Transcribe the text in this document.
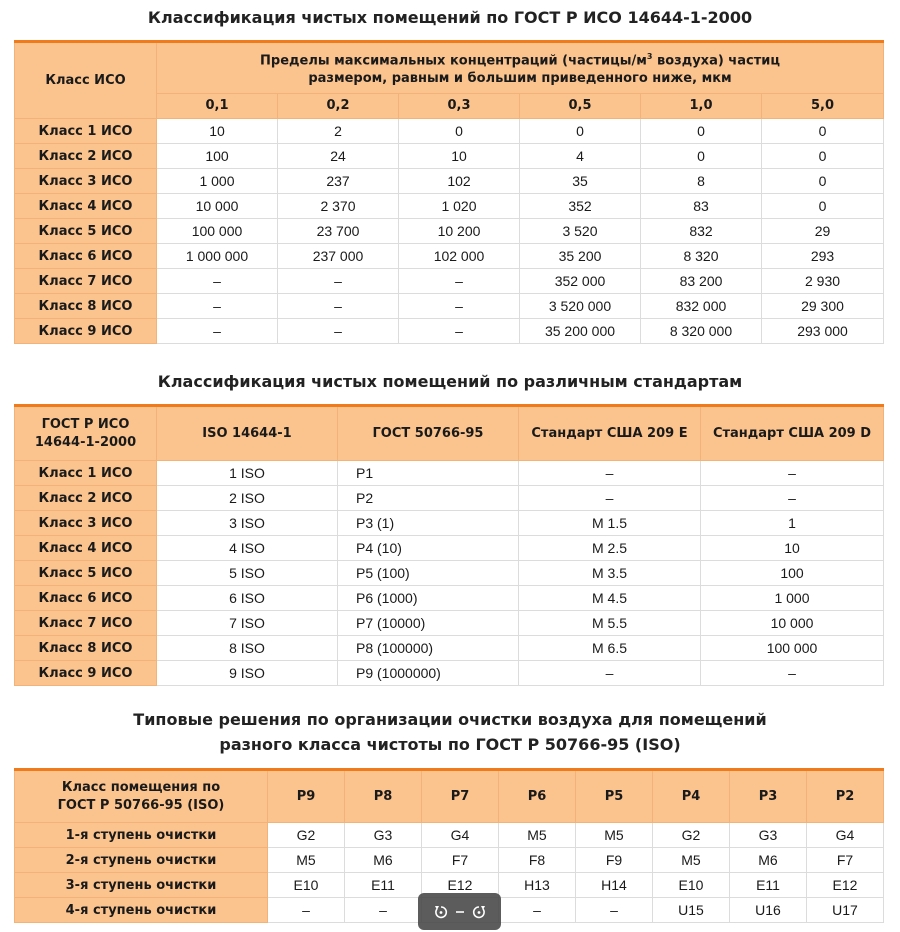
Классификация чистых помещений по ГОСТ Р ИСО 14644-1-2000
Класс ИСО	Пределы максимальных концентраций ($частицы/м^3$ воздуха) частиц
размером, равным и большим приведенного ниже, мкм					
	0,1	0,2	0,3	0,5	1,0	5,0
Класс 1 ИСО	10	2	0	0	0	0
Класс 2 ИСО	100	24	10	4	0	0
Класс 3 ИСО	1 000	237	102	35	8	0
Класс 4 ИСО	10 000	2 370	1 020	352	83	0
Класс 5 ИСО	100 000	23 700	10 200	3 520	832	29
Класс 6 ИСО	1 000 000	237 000	102 000	35 200	8 320	293
Класс 7 ИСО	–	–	–	352 000	83 200	2 930
Класс 8 ИСО	–	–	–	3 520 000	832 000	29 300
Класс 9 ИСО	–	–	–	35 200 000	8 320 000	293 000
Классификация чистых помещений по различным стандартам
ГОСТ Р ИСО 14644-1-2000	ISO 14644-1	ГОСТ 50766-95	Стандарт США 209 E	Стандарт США 209 D
Класс 1 ИСО	1 ISO	P1	–	–
Класс 2 ИСО	2 ISO	P2	–	–
Класс 3 ИСО	3 ISO	P3 (1)	M 1.5	1
Класс 4 ИСО	4 ISO	P4 (10)	M 2.5	10
Класс 5 ИСО	5 ISO	P5 (100)	M 3.5	100
Класс 6 ИСО	6 ISO	P6 (1000)	M 4.5	1 000
Класс 7 ИСО	7 ISO	P7 (10000)	M 5.5	10 000
Класс 8 ИСО	8 ISO	P8 (100000)	M 6.5	100 000
Класс 9 ИСО	9 ISO	P9 (1000000)	–	–
Типовые решения по организации очистки воздуха для помещений
разного класса чистоты по ГОСТ Р 50766-95 (ISO)
Класс помещения по
ГОСТ Р 50766-95 (ISO)	P9	P8	P7	P6	P5	P4	P3	P2
1-я ступень очистки	G2	G3	G4	M5	M5	G2	G3	G4
2-я ступень очистки	M5	M6	F7	F8	F9	M5	M6	F7
3-я ступень очистки	E10	E11	E12	H13	H14	E10	E11	E12
4-я ступень очистки	–	–		–	–	U15	U16	U17
